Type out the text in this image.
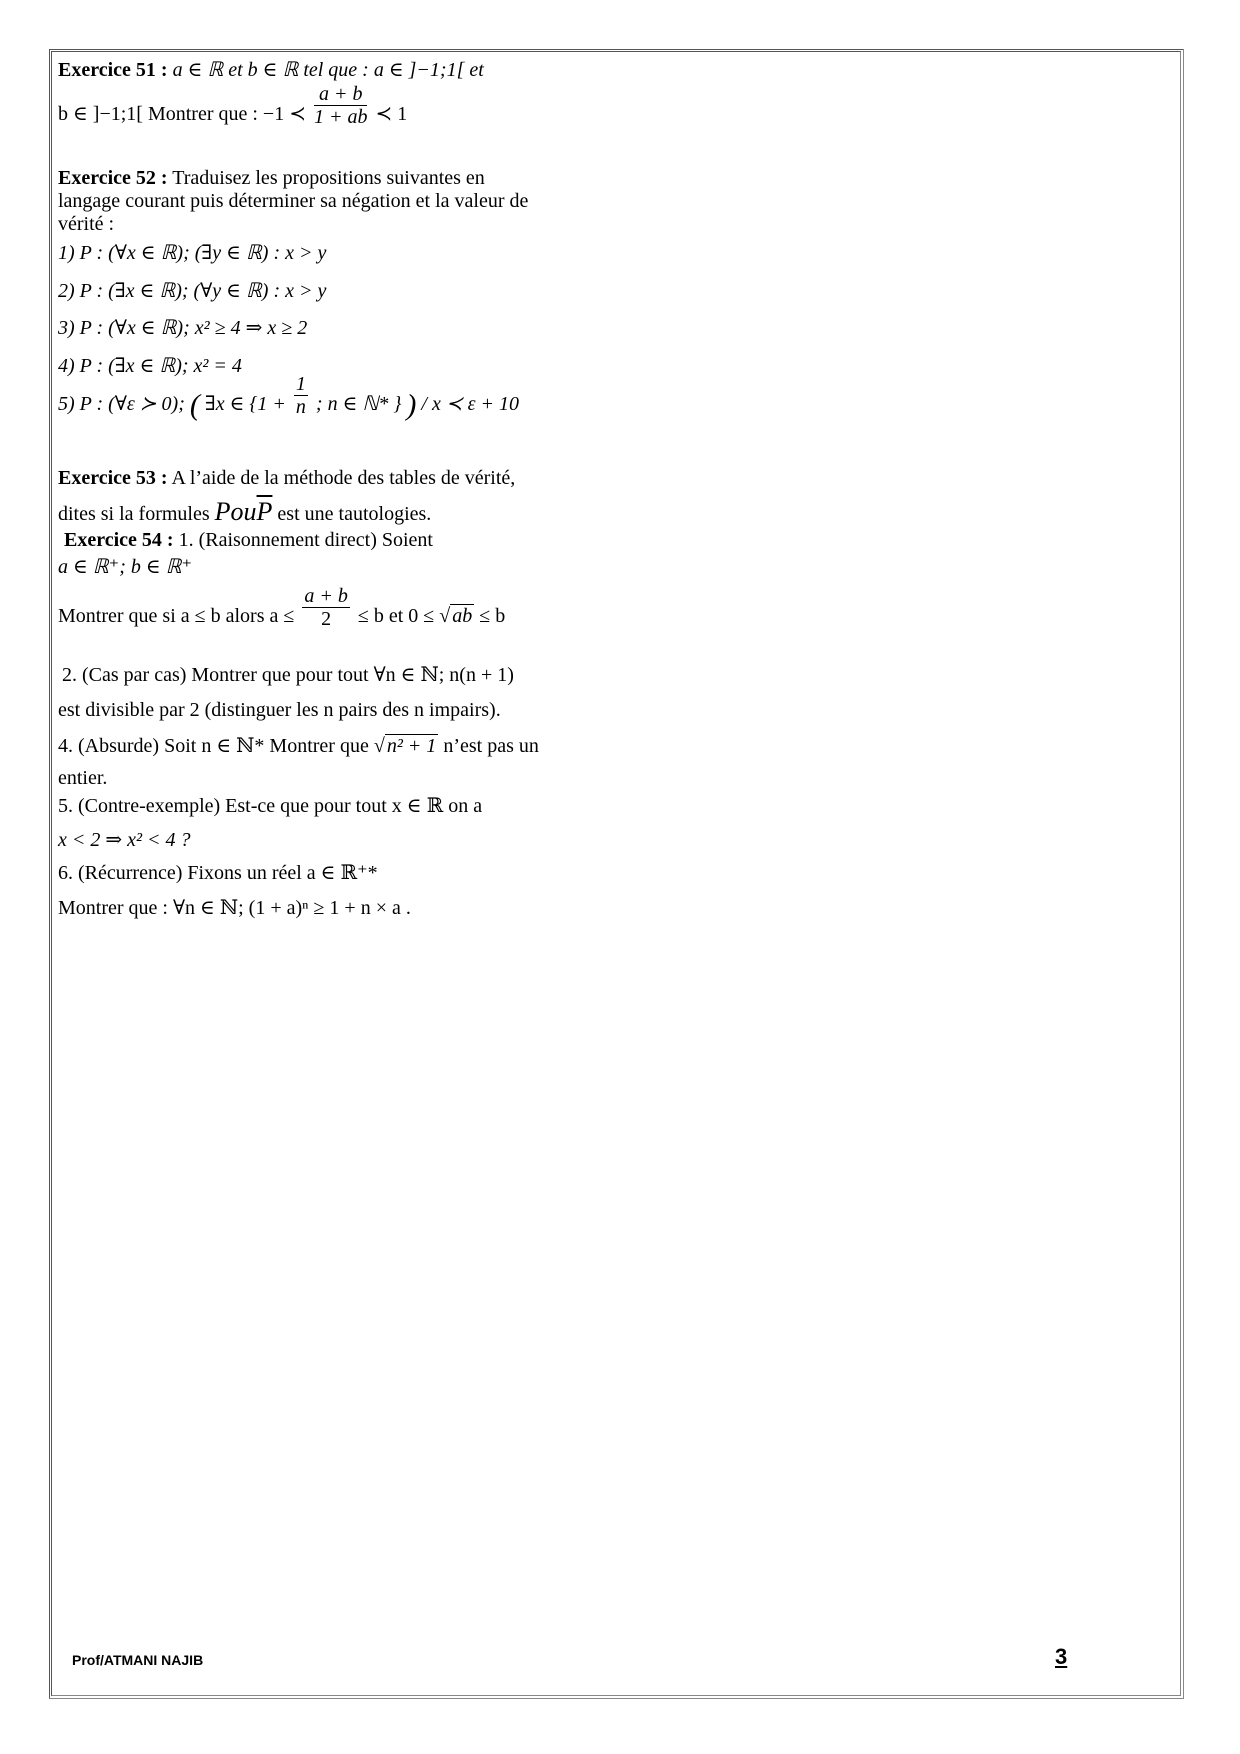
Exercice 51 : a ∈ ℝ et b ∈ ℝ tel que : a ∈ ]−1;1[ et
b ∈ ]−1;1[ Montrer que : −1 ≺ $\frac{a + b}{1 + ab}$ ≺ 1
Exercice 52 : Traduisez les propositions suivantes en
langage courant puis déterminer sa négation et la valeur de
vérité :
1) P : (∀x ∈ ℝ); (∃y ∈ ℝ) : x > y
2) P : (∃x ∈ ℝ); (∀y ∈ ℝ) : x > y
3) P : (∀x ∈ ℝ); x² ≥ 4 ⇒ x ≥ 2
4) P : (∃x ∈ ℝ); x² = 4
5) P : (∀ε ≻ 0); ( ∃x ∈ {$1 + \frac{1}{n}$ ; n ∈ ℕ* } ) / x ≺ ε + 10
Exercice 53 : A l’aide de la méthode des tables de vérité,
dites si la formules $Pou\overline{P}$ est une tautologies.
Exercice 54 : 1. (Raisonnement direct) Soient
a ∈ ℝ⁺; b ∈ ℝ⁺
Montrer que si a ≤ b alors $a \le \frac{a + b}{2} \le b$ et 0 ≤ √ ab ≤ b
2. (Cas par cas) Montrer que pour tout ∀n ∈ ℕ; n(n + 1)
est divisible par 2 (distinguer les n pairs des n impairs).
4. (Absurde) Soit n ∈ ℕ* Montrer que √ n² + 1 n’est pas un
entier.
5. (Contre-exemple) Est-ce que pour tout x ∈ ℝ on a
x < 2 ⇒ x² < 4 ?
6. (Récurrence) Fixons un réel a ∈ ℝ⁺*
Montrer que : ∀n ∈ ℕ; (1 + a)ⁿ ≥ 1 + n × a .
Prof/ATMANI NAJIB	3
